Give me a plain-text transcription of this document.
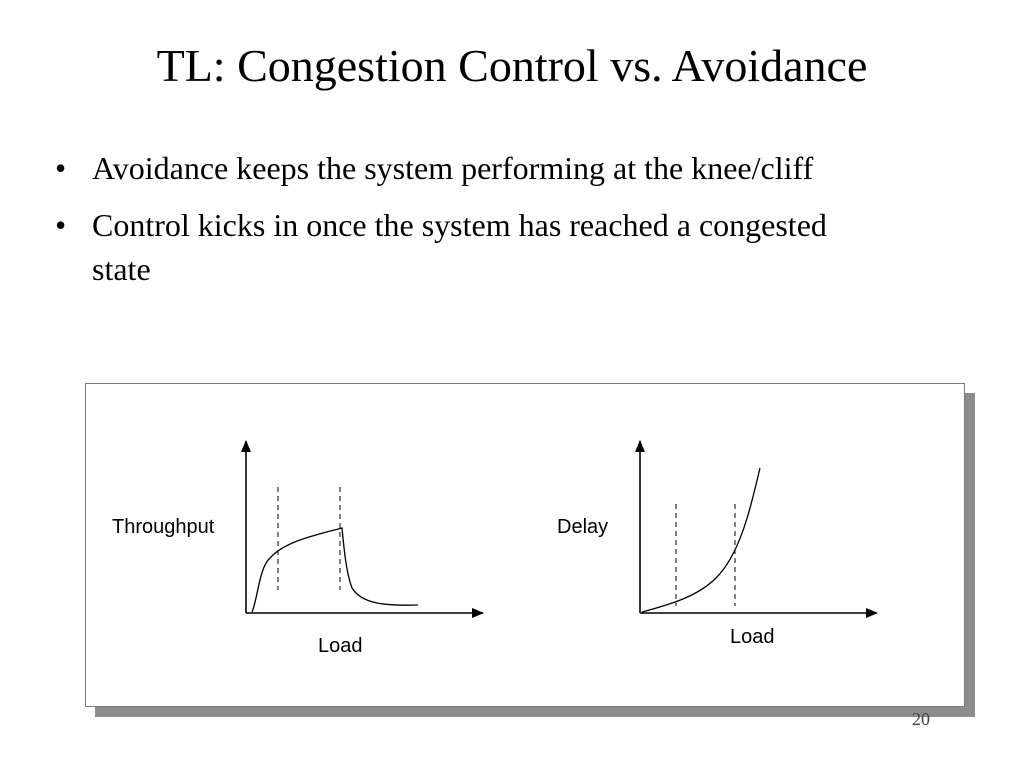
TL: Congestion Control vs. Avoidance
• Avoidance keeps the system performing at the knee/cliff
• Control kicks in once the system has reached a congested state
Throughput
Load
Delay
Load
20
